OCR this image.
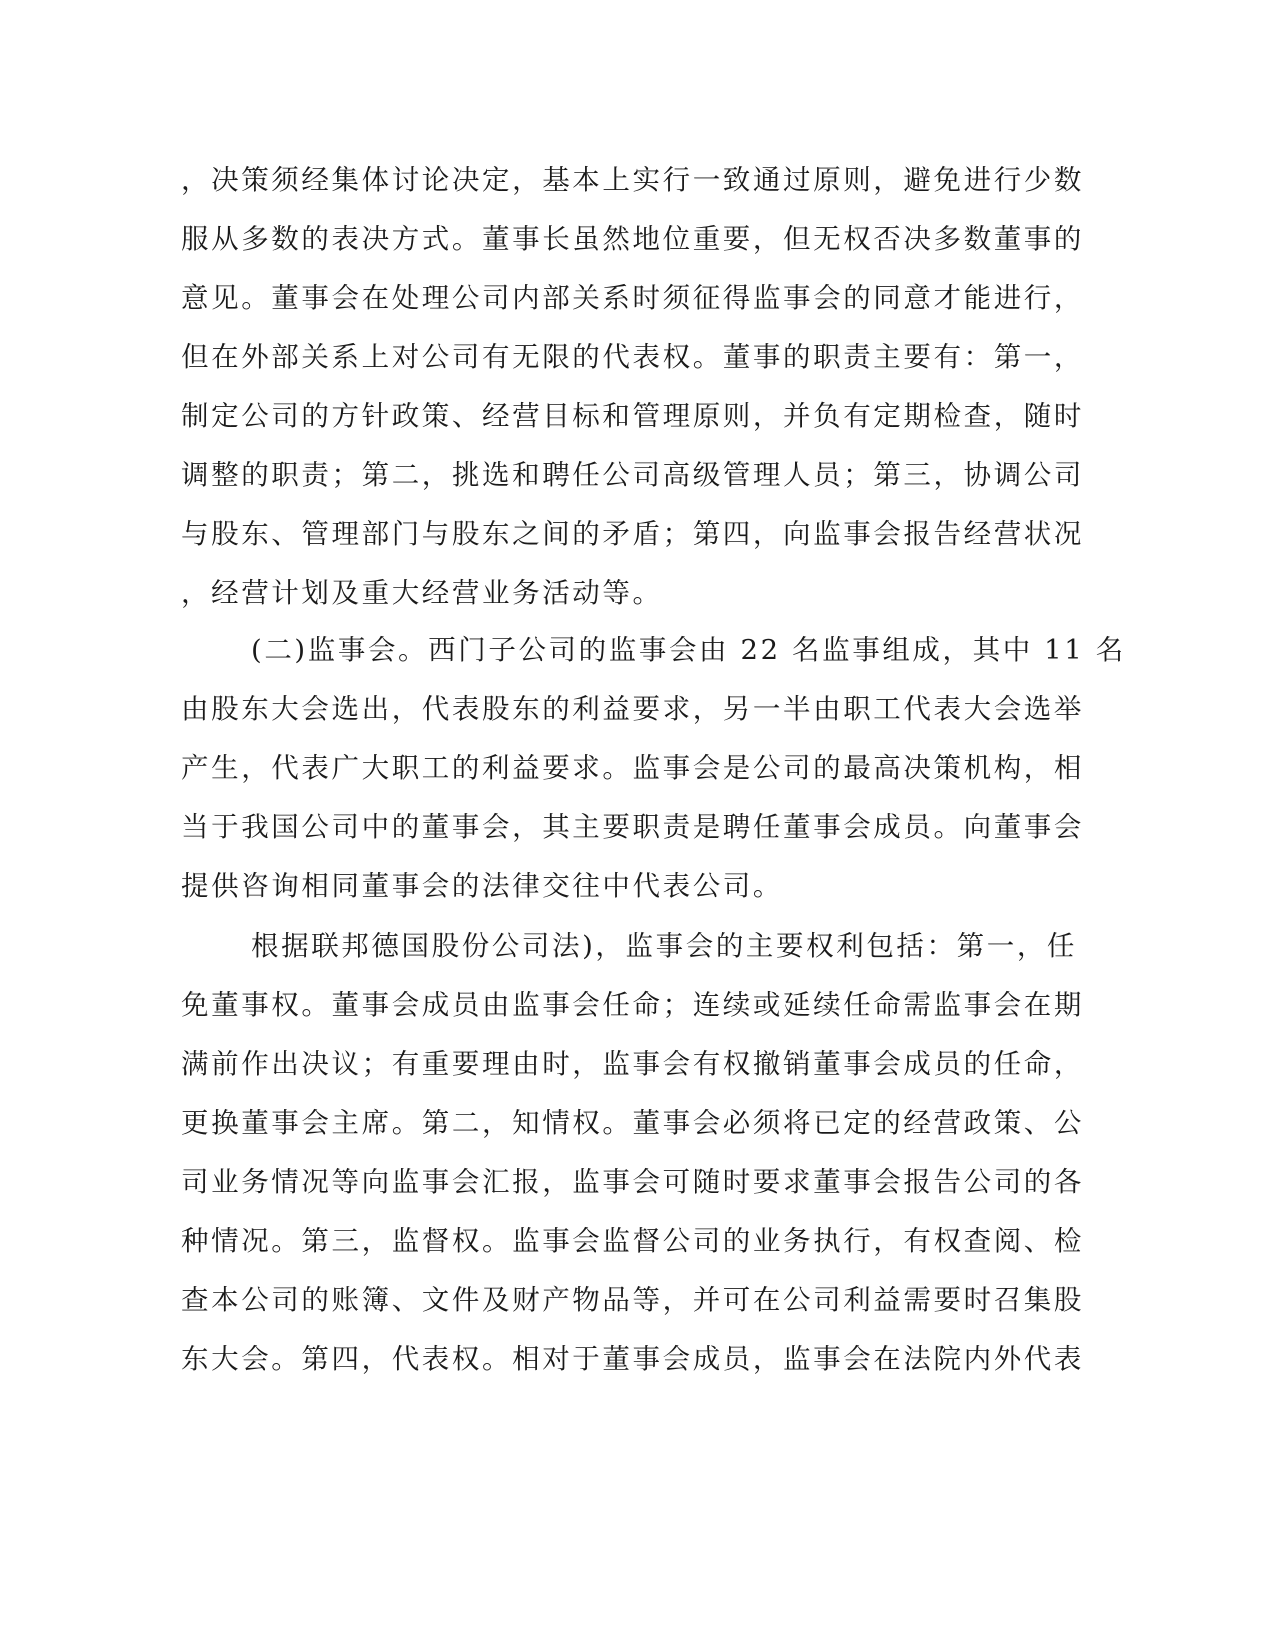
，决策须经集体讨论决定，基本上实行一致通过原则，避免进行少数
服从多数的表决方式。董事长虽然地位重要，但无权否决多数董事的
意见。董事会在处理公司内部关系时须征得监事会的同意才能进行，
但在外部关系上对公司有无限的代表权。董事的职责主要有：第一，
制定公司的方针政策、经营目标和管理原则，并负有定期检查，随时
调整的职责；第二，挑选和聘任公司高级管理人员；第三，协调公司
与股东、管理部门与股东之间的矛盾；第四，向监事会报告经营状况
，经营计划及重大经营业务活动等。
(二)监事会。西门子公司的监事会由 22 名监事组成，其中 11 名
由股东大会选出，代表股东的利益要求，另一半由职工代表大会选举
产生，代表广大职工的利益要求。监事会是公司的最高决策机构，相
当于我国公司中的董事会，其主要职责是聘任董事会成员。向董事会
提供咨询相同董事会的法律交往中代表公司。
根据联邦德国股份公司法)，监事会的主要权利包括：第一，任
免董事权。董事会成员由监事会任命；连续或延续任命需监事会在期
满前作出决议；有重要理由时，监事会有权撤销董事会成员的任命，
更换董事会主席。第二，知情权。董事会必须将已定的经营政策、公
司业务情况等向监事会汇报，监事会可随时要求董事会报告公司的各
种情况。第三，监督权。监事会监督公司的业务执行，有权查阅、检
查本公司的账簿、文件及财产物品等，并可在公司利益需要时召集股
东大会。第四，代表权。相对于董事会成员，监事会在法院内外代表
